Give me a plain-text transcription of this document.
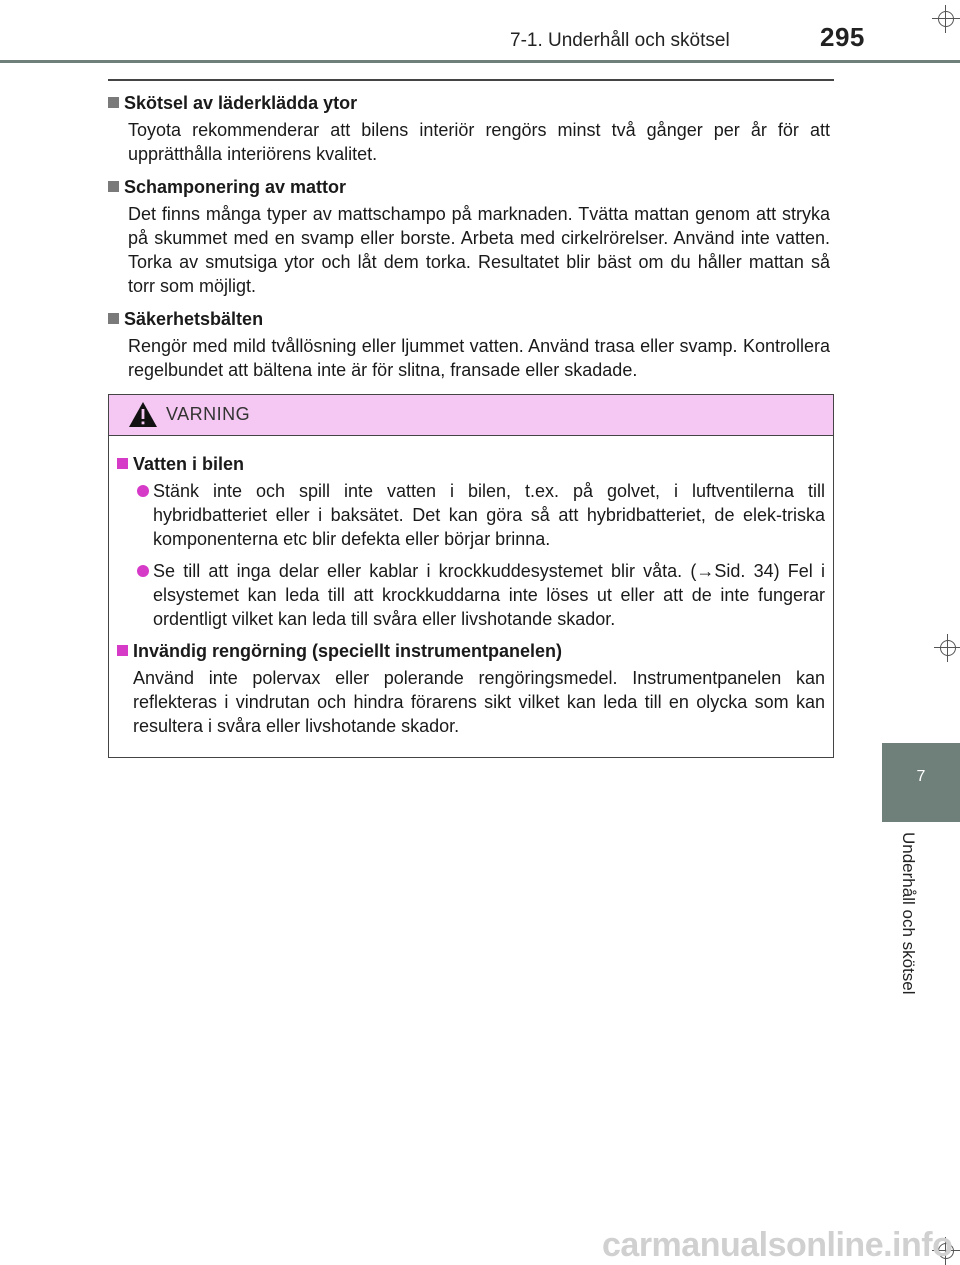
7-1. Underhåll och skötsel	295
7
Underhåll och skötsel
Skötsel av läderklädda ytor
Toyota rekommenderar att bilens interiör rengörs minst två gånger per år för att upprätthålla interiörens kvalitet.
Schamponering av mattor
Det finns många typer av mattschampo på marknaden. Tvätta mattan genom att stryka på skummet med en svamp eller borste. Arbeta med cirkelrörelser. Använd inte vatten. Torka av smutsiga ytor och låt dem torka. Resultatet blir bäst om du håller mattan så torr som möjligt.
Säkerhetsbälten
Rengör med mild tvållösning eller ljummet vatten. Använd trasa eller svamp. Kontrollera regelbundet att bältena inte är för slitna, fransade eller skadade.
VARNING
Vatten i bilen
Stänk inte och spill inte vatten i bilen, t.ex. på golvet, i luftventilerna till hybridbatteriet eller i baksätet. Det kan göra så att hybridbatteriet, de elek-triska komponenterna etc blir defekta eller börjar brinna.
Se till att inga delar eller kablar i krockkuddesystemet blir våta. (→Sid. 34) Fel i elsystemet kan leda till att krockkuddarna inte löses ut eller att de inte fungerar ordentligt vilket kan leda till svåra eller livshotande skador.
Invändig rengörning (speciellt instrumentpanelen)
Använd inte polervax eller polerande rengöringsmedel. Instrumentpanelen kan reflekteras i vindrutan och hindra förarens sikt vilket kan leda till en olycka som kan resultera i svåra eller livshotande skador.
carmanualsonline.info
